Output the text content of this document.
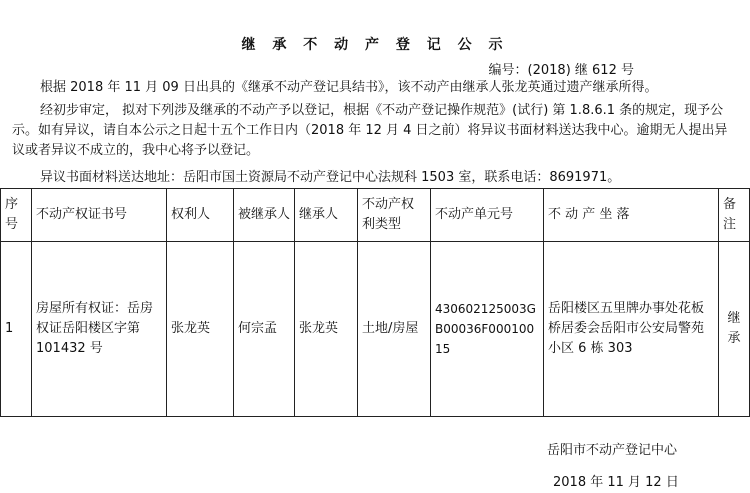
继 承 不 动 产 登 记 公 示
编号：(2018) 继 612 号
根据 2018 年 11 月 09 日出具的《继承不动产登记具结书》，该不动产由继承人张龙英通过遗产继承所得。
经初步审定， 拟对下列涉及继承的不动产予以登记，根据《不动产登记操作规范》(试行) 第 1.8.6.1 条的规定，现予公示。如有异议，请自本公示之日起十五个工作日内（2018 年 12 月 4 日之前）将异议书面材料送达我中心。逾期无人提出异议或者异议不成立的，我中心将予以登记。
异议书面材料送达地址：岳阳市国土资源局不动产登记中心法规科 1503 室，联系电话：8691971。
序号	不动产权证书号	权利人	被继承人	继承人	不动产权利类型	不动产单元号	不 动 产 坐 落	备注
1	房屋所有权证：岳房权证岳阳楼区字第 101432 号	张龙英	何宗孟	张龙英	土地/房屋	430602125003GB00036F00010015	岳阳楼区五里牌办事处花板桥居委会岳阳市公安局警苑小区 6 栋 303	继承
岳阳市不动产登记中心
2018 年 11 月 12 日
